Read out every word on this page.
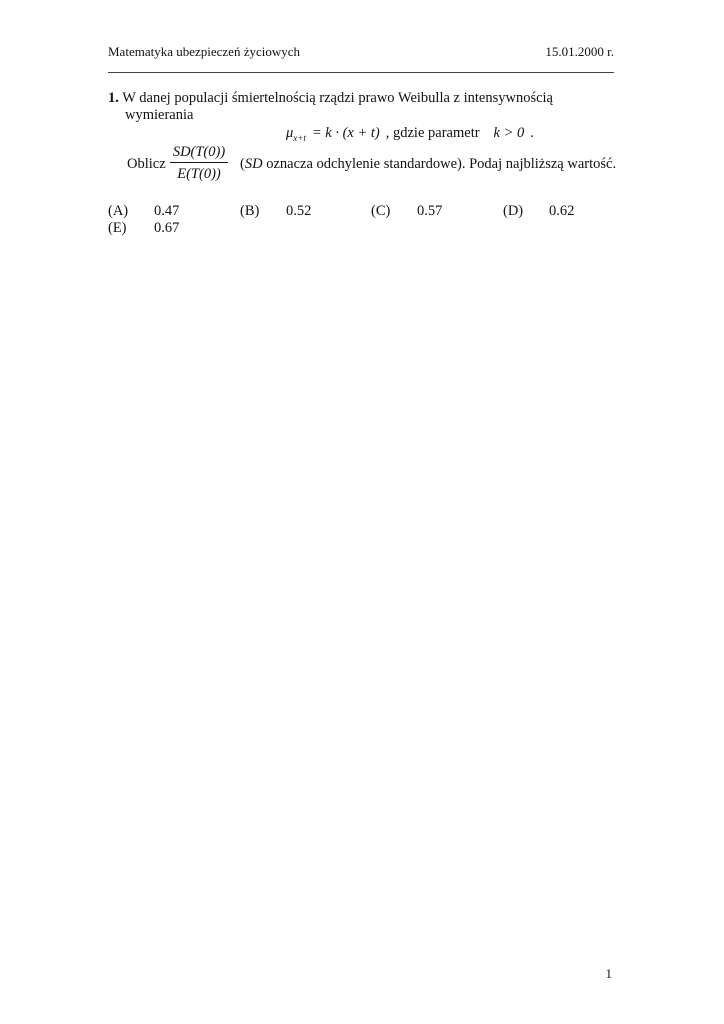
Matematyka ubezpieczeń życiowych	15.01.2000 r.
1. W danej populacji śmiertelnością rządzi prawo Weibulla z intensywnością
wymierania
$\mu_{x+t} = k \cdot (x + t)$ , gdzie parametr k > 0 .
Oblicz
SD(T(0))
E(T(0))
(SD oznacza odchylenie standardowe). Podaj najbliższą wartość.
(A) 0.47	(B) 0.52	(C) 0.57	(D) 0.62
(E) 0.67
1
